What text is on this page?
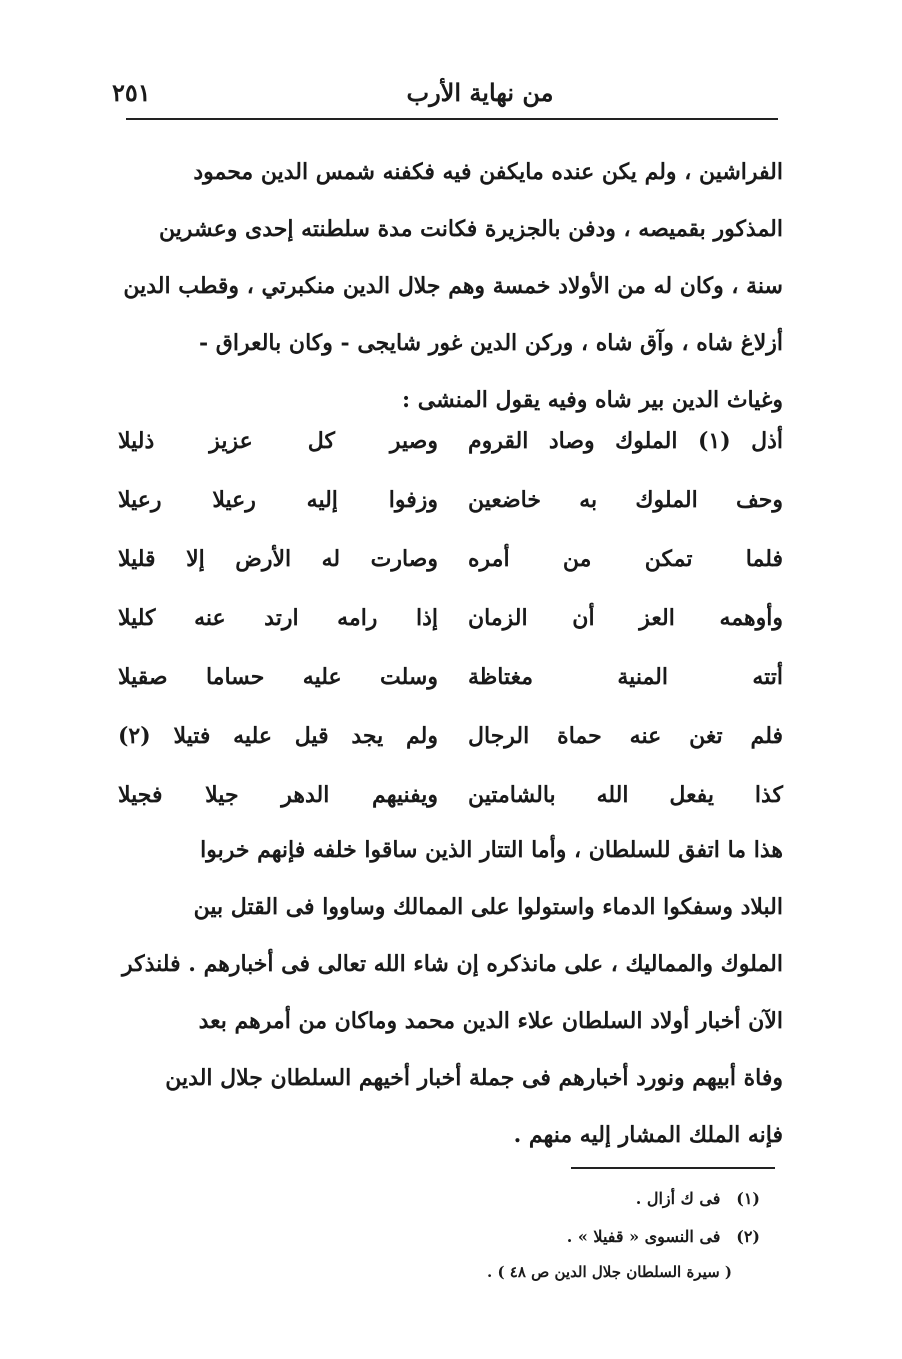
من نهاية الأرب
٢٥١
الفراشين ، ولم يكن عنده مايكفن فيه فكفنه شمس الدين محمود
المذكور بقميصه ، ودفن بالجزيرة فكانت مدة سلطنته إحدى وعشرين
سنة ، وكان له من الأولاد خمسة وهم جلال الدين منكبرتي ، وقطب الدين
أزلاغ شاه ، وآق شاه ، وركن الدين غور شايجى - وكان بالعراق -
وغياث الدين بير شاه وفيه يقول المنشى :
أذل (١) الملوك وصاد القروم
وصير كل عزيز ذليلا
وحف الملوك به خاضعين
وزفوا إليه رعيلا رعيلا
فلما تمكن من أمره
وصارت له الأرض إلا قليلا
وأوهمه العز أن الزمان
إذا رامه ارتد عنه كليلا
أتته المنية مغتاظة
وسلت عليه حساما صقيلا
فلم تغن عنه حماة الرجال
ولم يجد قيل عليه فتيلا (٢)
كذا يفعل الله بالشامتين
ويفنيهم الدهر جيلا فجيلا
هذا ما اتفق للسلطان ، وأما التتار الذين ساقوا خلفه فإنهم خربوا
البلاد وسفكوا الدماء واستولوا على الممالك وساووا فى القتل بين
الملوك والمماليك ، على مانذكره إن شاء الله تعالى فى أخبارهم . فلنذكر
الآن أخبار أولاد السلطان علاء الدين محمد وماكان من أمرهم بعد
وفاة أبيهم ونورد أخبارهم فى جملة أخبار أخيهم السلطان جلال الدين
فإنه الملك المشار إليه منهم .
(١) فى ك أزال .
(٢) فى النسوى « قفيلا » .
( سيرة السلطان جلال الدين ص ٤٨ ) .
